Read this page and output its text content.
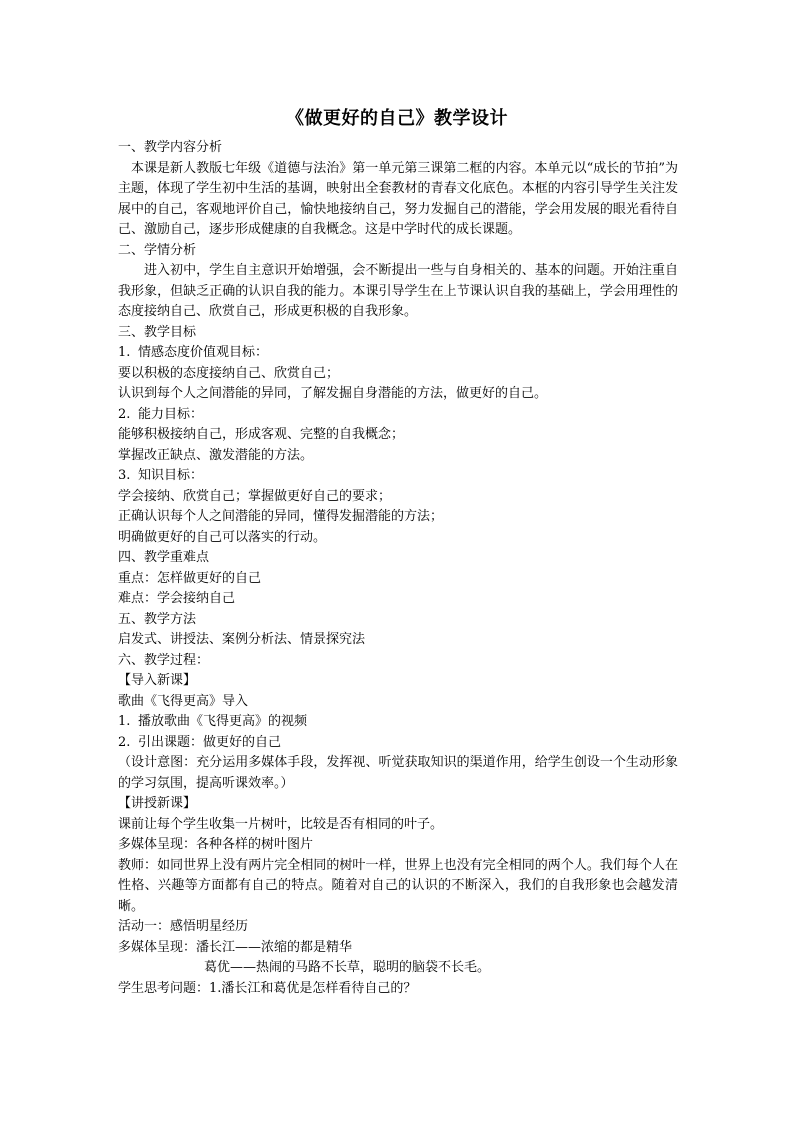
《做更好的自己》教学设计

一、教学内容分析

本课是新人教版七年级《道德与法治》第一单元第三课第二框的内容。本单元以“成长的节拍”为主题，体现了学生初中生活的基调，映射出全套教材的青春文化底色。本框的内容引导学生关注发展中的自己，客观地评价自己，愉快地接纳自己，努力发掘自己的潜能，学会用发展的眼光看待自己、激励自己，逐步形成健康的自我概念。这是中学时代的成长课题。

二、学情分析

进入初中，学生自主意识开始增强，会不断提出一些与自身相关的、基本的问题。开始注重自我形象，但缺乏正确的认识自我的能力。本课引导学生在上节课认识自我的基础上，学会用理性的态度接纳自己、欣赏自己，形成更积极的自我形象。

三、教学目标

1. 情感态度价值观目标：

要以积极的态度接纳自己、欣赏自己；

认识到每个人之间潜能的异同，了解发掘自身潜能的方法，做更好的自己。

2. 能力目标：

能够积极接纳自己，形成客观、完整的自我概念；

掌握改正缺点、激发潜能的方法。

3. 知识目标：

学会接纳、欣赏自己；掌握做更好自己的要求；

正确认识每个人之间潜能的异同，懂得发掘潜能的方法；

明确做更好的自己可以落实的行动。

四、教学重难点

重点：怎样做更好的自己

难点：学会接纳自己

五、教学方法

启发式、讲授法、案例分析法、情景探究法

六、教学过程：

【导入新课】

歌曲《飞得更高》导入

1. 播放歌曲《飞得更高》的视频

2. 引出课题：做更好的自己

（设计意图：充分运用多媒体手段，发挥视、听觉获取知识的渠道作用，给学生创设一个生动形象的学习氛围，提高听课效率。）

【讲授新课】

课前让每个学生收集一片树叶，比较是否有相同的叶子。

多媒体呈现：各种各样的树叶图片

教师：如同世界上没有两片完全相同的树叶一样，世界上也没有完全相同的两个人。我们每个人在性格、兴趣等方面都有自己的特点。随着对自己的认识的不断深入，我们的自我形象也会越发清晰。

活动一：感悟明星经历

多媒体呈现：潘长江——浓缩的都是精华

葛优——热闹的马路不长草，聪明的脑袋不长毛。

学生思考问题：1.潘长江和葛优是怎样看待自己的？
